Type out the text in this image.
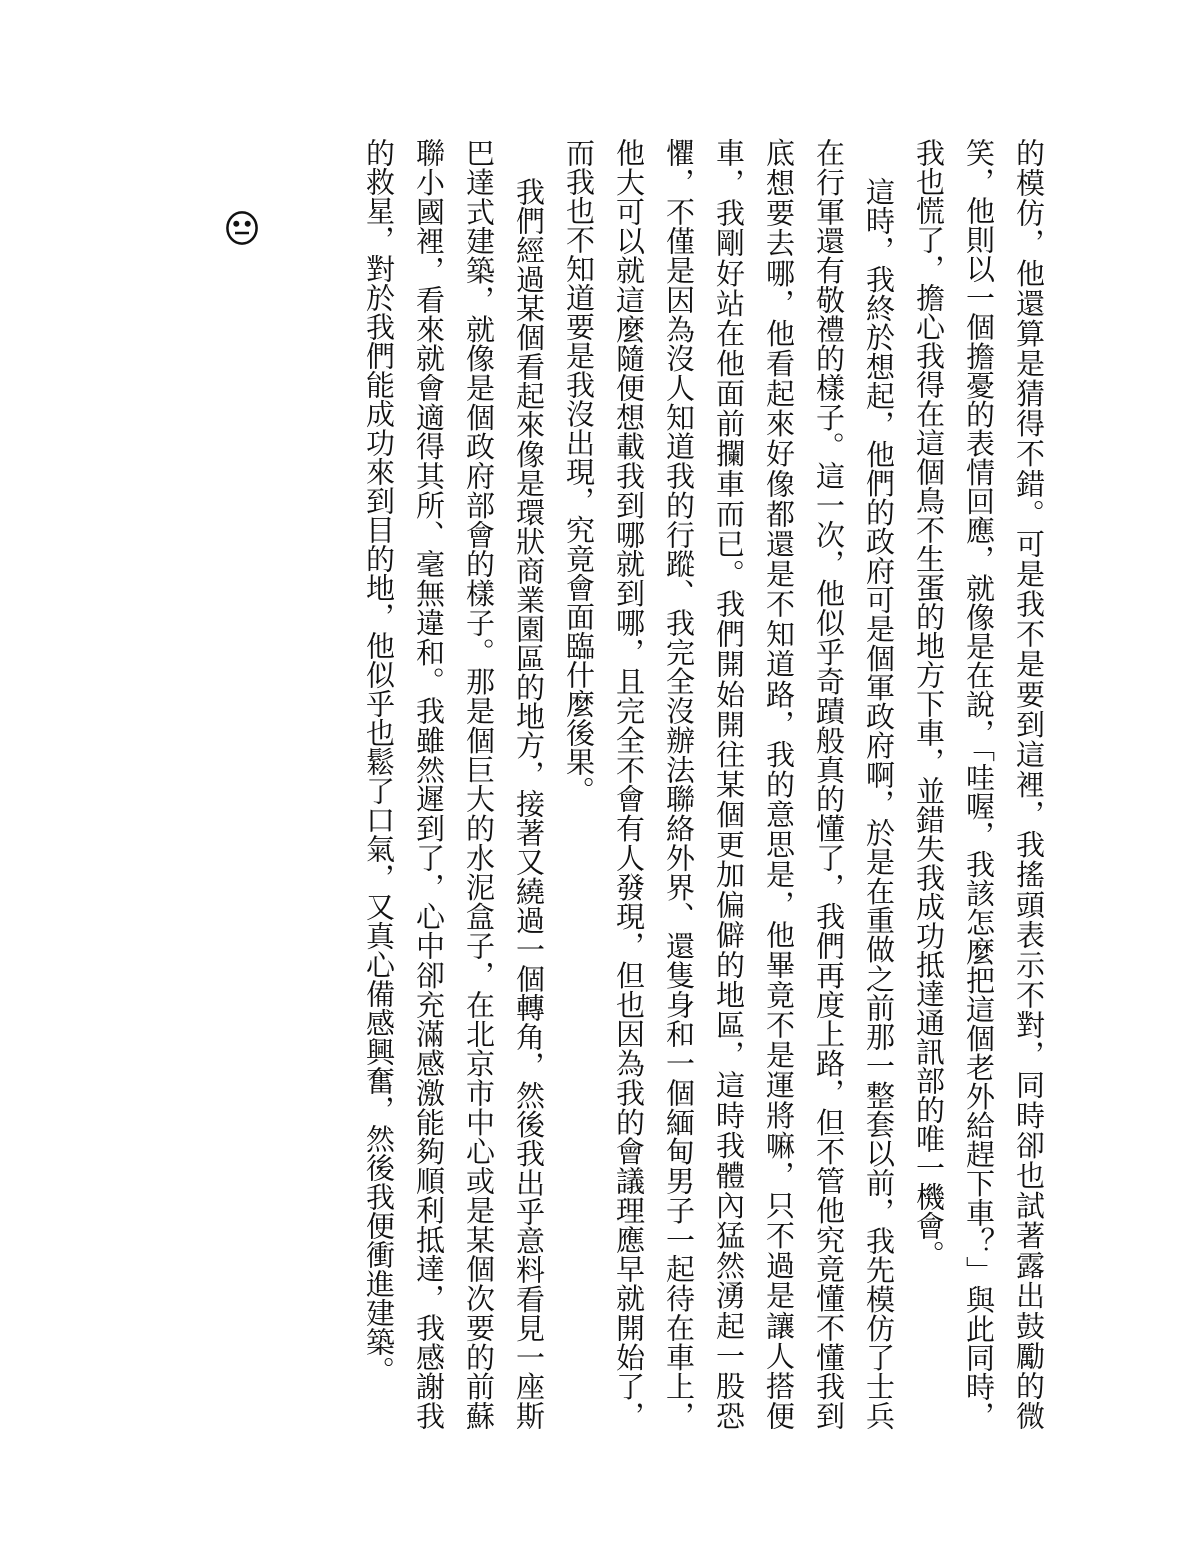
的模仿，他還算是猜得不錯。可是我不是要到這裡，我搖頭表示不對，同時卻也試著露出鼓勵的微笑，他則以一個擔憂的表情回應，就像是在說，「哇喔，我該怎麼把這個老外給趕下車？」與此同時，我也慌了，擔心我得在這個鳥不生蛋的地方下車，並錯失我成功抵達通訊部的唯一機會。

這時，我終於想起，他們的政府可是個軍政府啊，於是在重做之前那一整套以前，我先模仿了士兵在行軍還有敬禮的樣子。這一次，他似乎奇蹟般真的懂了，我們再度上路，但不管他究竟懂不懂我到底想要去哪，他看起來好像都還是不知道路，我的意思是，他畢竟不是運將嘛，只不過是讓人搭便車，我剛好站在他面前攔車而已。我們開始開往某個更加偏僻的地區，這時我體內猛然湧起一股恐懼，不僅是因為沒人知道我的行蹤、我完全沒辦法聯絡外界、還隻身和一個緬甸男子一起待在車上，他大可以就這麼隨便想載我到哪就到哪，且完全不會有人發現，但也因為我的會議理應早就開始了，而我也不知道要是我沒出現，究竟會面臨什麼後果。

我們經過某個看起來像是環狀商業園區的地方，接著又繞過一個轉角，然後我出乎意料看見一座斯巴達式建築，就像是個政府部會的樣子。那是個巨大的水泥盒子，在北京市中心或是某個次要的前蘇聯小國裡，看來就會適得其所、毫無違和。我雖然遲到了，心中卻充滿感激能夠順利抵達，我感謝我的救星，對於我們能成功來到目的地，他似乎也鬆了口氣，又真心備感興奮，然後我便衝進建築。
